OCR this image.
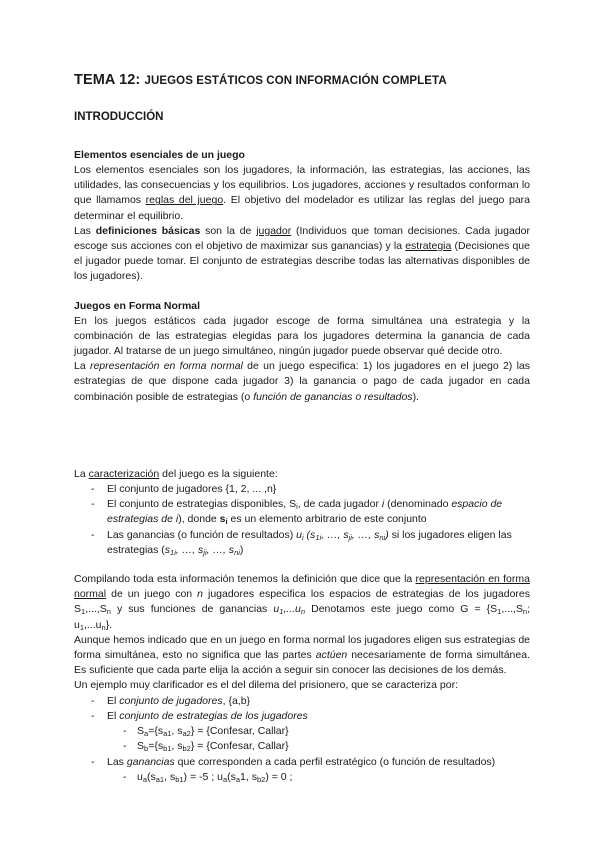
TEMA 12: JUEGOS ESTÁTICOS CON INFORMACIÓN COMPLETA
INTRODUCCIÓN
Elementos esenciales de un juego

Los elementos esenciales son los jugadores, la información, las estrategias, las acciones, las utilidades, las consecuencias y los equilibrios. Los jugadores, acciones y resultados conforman lo que llamamos reglas del juego. El objetivo del modelador es utilizar las reglas del juego para determinar el equilibrio.

Las definiciones básicas son la de jugador (Individuos que toman decisiones. Cada jugador escoge sus acciones con el objetivo de maximizar sus ganancias) y la estrategia (Decisiones que el jugador puede tomar. El conjunto de estrategias describe todas las alternativas disponibles de los jugadores).

Juegos en Forma Normal

En los juegos estáticos cada jugador escoge de forma simultánea una estrategia y la combinación de las estrategias elegidas para los jugadores determina la ganancia de cada jugador. Al tratarse de un juego simultáneo, ningún jugador puede observar qué decide otro.

La representación en forma normal de un juego especifica: 1) los jugadores en el juego 2) las estrategias de que dispone cada jugador 3) la ganancia o pago de cada jugador en cada combinación posible de estrategias (o función de ganancias o resultados).

La caracterización del juego es la siguiente:

- El conjunto de jugadores {1, 2, ... ,n}
- El conjunto de estrategias disponibles, $S_i$, de cada jugador i (denominado espacio de estrategias de i), donde $s_i$ es un elemento arbitrario de este conjunto
- Las ganancias (o función de resultados) $u_i$ ($s_{1i}$, …, $s_{ji}$, …, $s_{ni}$) si los jugadores eligen las estrategias ($s_{1i}$, …, $s_{ji}$, …, $s_{ni}$)

Compilando toda esta información tenemos la definición que dice que la representación en forma normal de un juego con n jugadores especifica los espacios de estrategias de los jugadores $S_1,...,S_n$ y sus funciones de ganancias $u_1,...u_n$ Denotamos este juego como $G = \{S_1,...,S_n$; $u_1,...u_n$}.

Aunque hemos indicado que en un juego en forma normal los jugadores eligen sus estrategias de forma simultánea, esto no significa que las partes actúen necesariamente de forma simultánea. Es suficiente que cada parte elija la acción a seguir sin conocer las decisiones de los demás.

Un ejemplo muy clarificador es el del dilema del prisionero, que se caracteriza por:

- El conjunto de jugadores, {a,b}
- El conjunto de estrategias de los jugadores
- $S_a=\{s_{a1}$, $s_{a2}$} = {Confesar, Callar}
- $S_b=\{s_{b1}$, $s_{b2}$} = {Confesar, Callar}
- Las ganancias que corresponden a cada perfil estratégico (o función de resultados)
- $u_a(s_{a1}$, $s_{b1}) = -5$ ; $u_a(s_a1$, $s_{b2}) = 0$ ;
